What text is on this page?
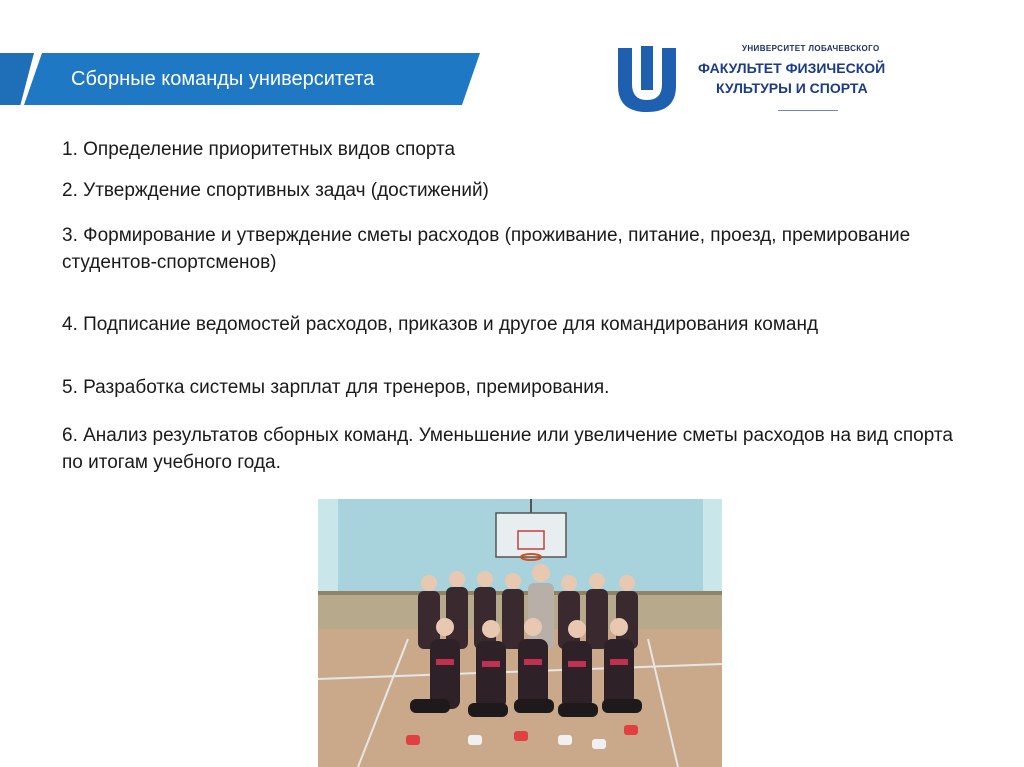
Сборные команды университета
УНИВЕРСИТЕТ ЛОБАЧЕВСКОГО
ФАКУЛЬТЕТ ФИЗИЧЕСКОЙ
КУЛЬТУРЫ И СПОРТА
1. Определение приоритетных видов спорта
2. Утверждение спортивных задач (достижений)
3. Формирование и утверждение сметы расходов (проживание, питание, проезд, премирование студентов-спортсменов)
4. Подписание ведомостей расходов, приказов и другое для командирования команд
5. Разработка системы зарплат для тренеров, премирования.
6. Анализ результатов сборных команд. Уменьшение или увеличение сметы расходов на вид спорта по итогам учебного года.
